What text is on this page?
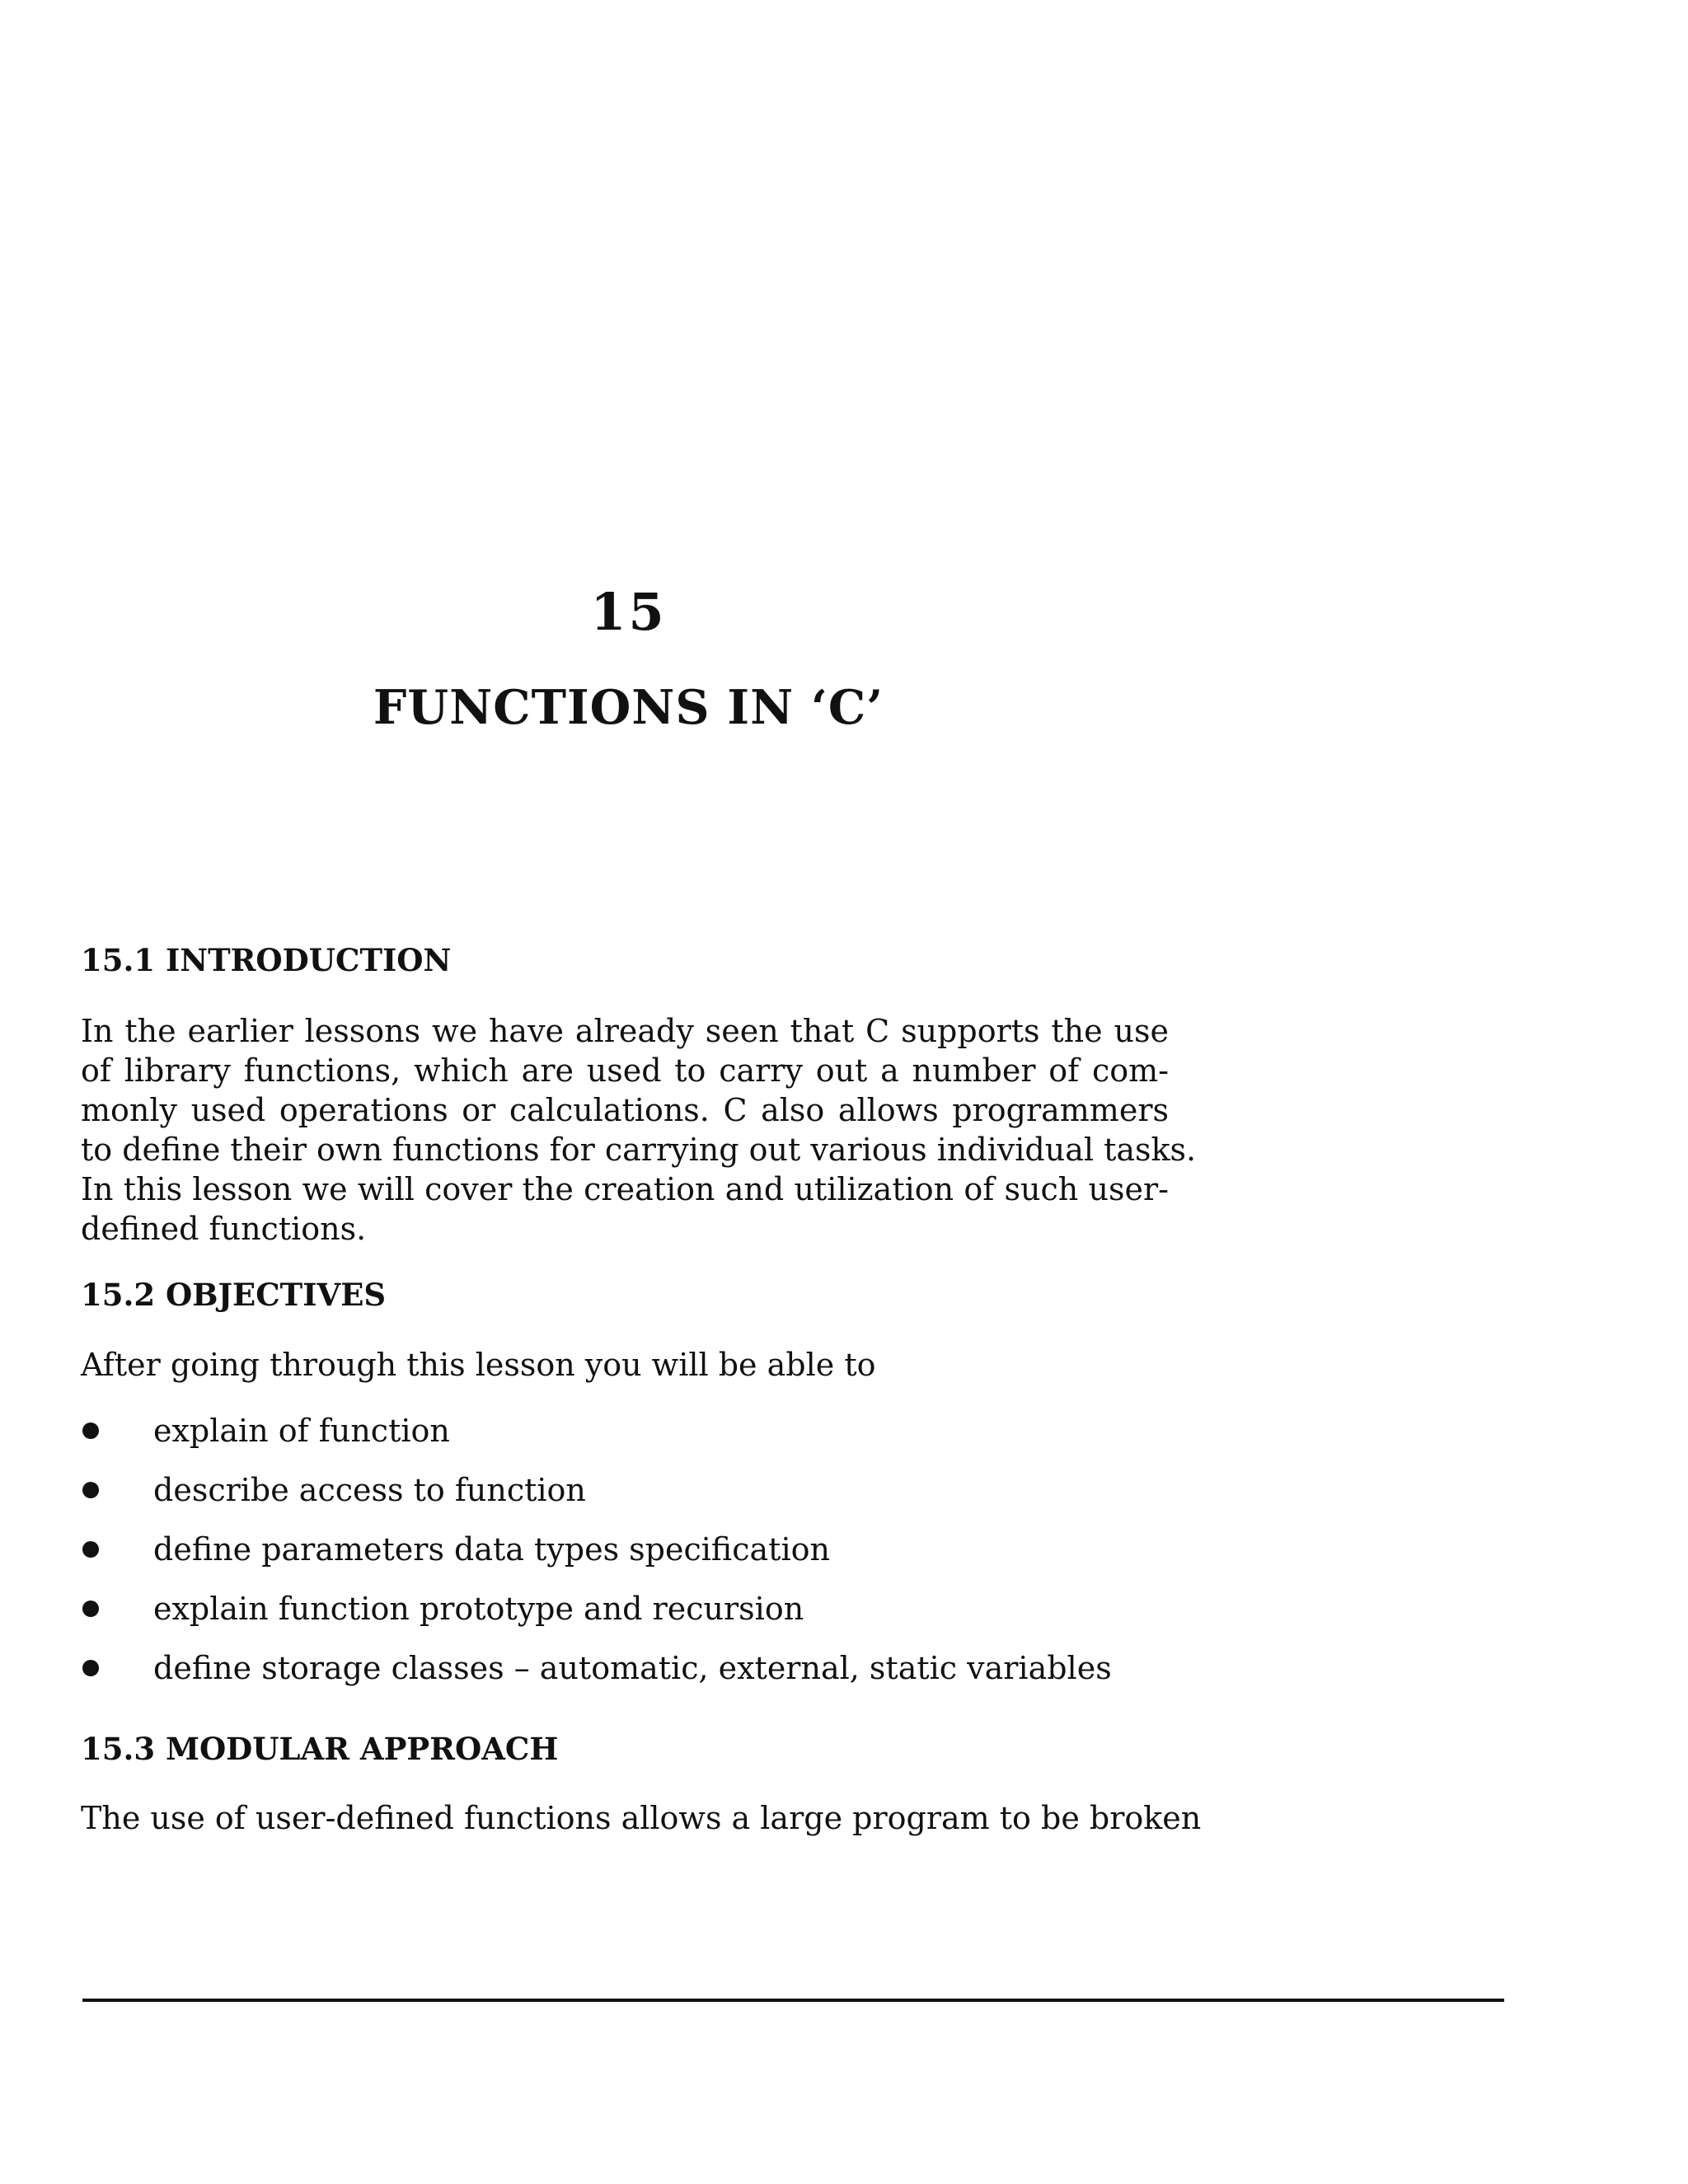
15
FUNCTIONS IN ‘C’
15.1 INTRODUCTION
In the earlier lessons we have already seen that C supports the use
of library functions, which are used to carry out a number of com-
monly used operations or calculations. C also allows programmers
to define their own functions for carrying out various individual tasks.
In this lesson we will cover the creation and utilization of such user-
defined functions.
15.2 OBJECTIVES

After going through this lesson you will be able to

explain of function
describe access to function
define parameters data types specification
explain function prototype and recursion
define storage classes – automatic, external, static variables
15.3 MODULAR APPROACH

The use of user-defined functions allows a large program to be broken
